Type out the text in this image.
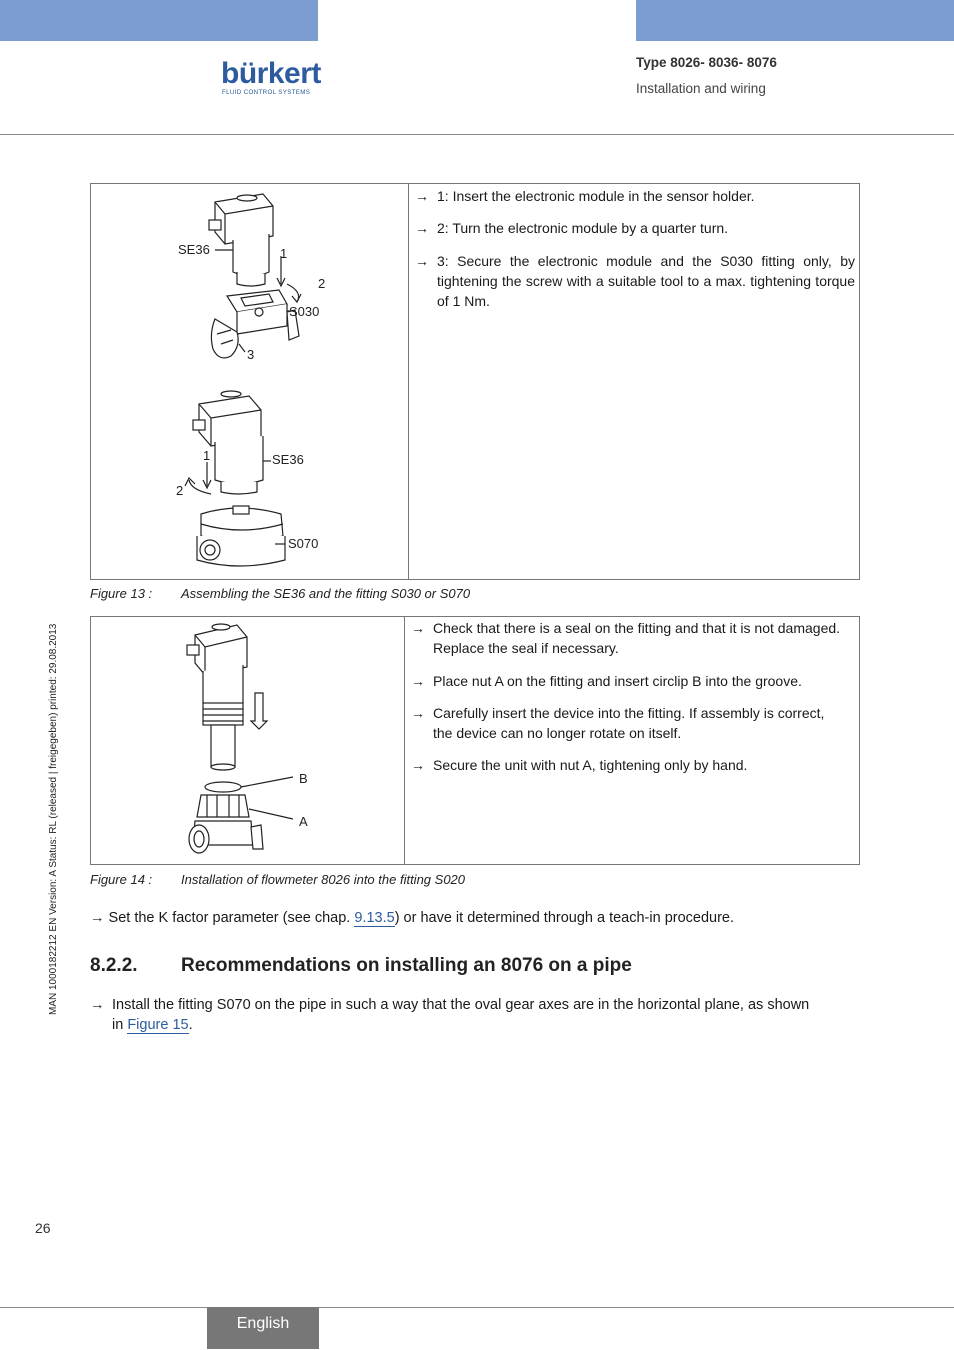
bürkert
FLUID CONTROL SYSTEMS
Type 8026- 8036- 8076
Installation and wiring
MAN 1000182212 EN Version: A Status: RL (released | freigegeben) printed: 29.08.2013
SE36	1
2
S030
3
1
2
SE36
S070
→ 1: Insert the electronic module in the sensor holder.
→ 2: Turn the electronic module by a quarter turn.
→ 3: Secure the electronic module and the S030 fitting only, by tightening the screw with a suitable tool to a max. tightening torque of 1 Nm.
Figure 13 : Assembling the SE36 and the fitting S030 or S070
B
A
→ Check that there is a seal on the fitting and that it is not damaged. Replace the seal if necessary.
→ Place nut A on the fitting and insert circlip B into the groove.
→ Carefully insert the device into the fitting. If assembly is correct, the device can no longer rotate on itself.
→ Secure the unit with nut A, tightening only by hand.
Figure 14 : Installation of flowmeter 8026 into the fitting S020
→ Set the K factor parameter (see chap. 9.13.5) or have it determined through a teach-in procedure.
8.2.2. Recommendations on installing an 8076 on a pipe
→ Install the fitting S070 on the pipe in such a way that the oval gear axes are in the horizontal plane, as shown
in Figure 15.
26
English
